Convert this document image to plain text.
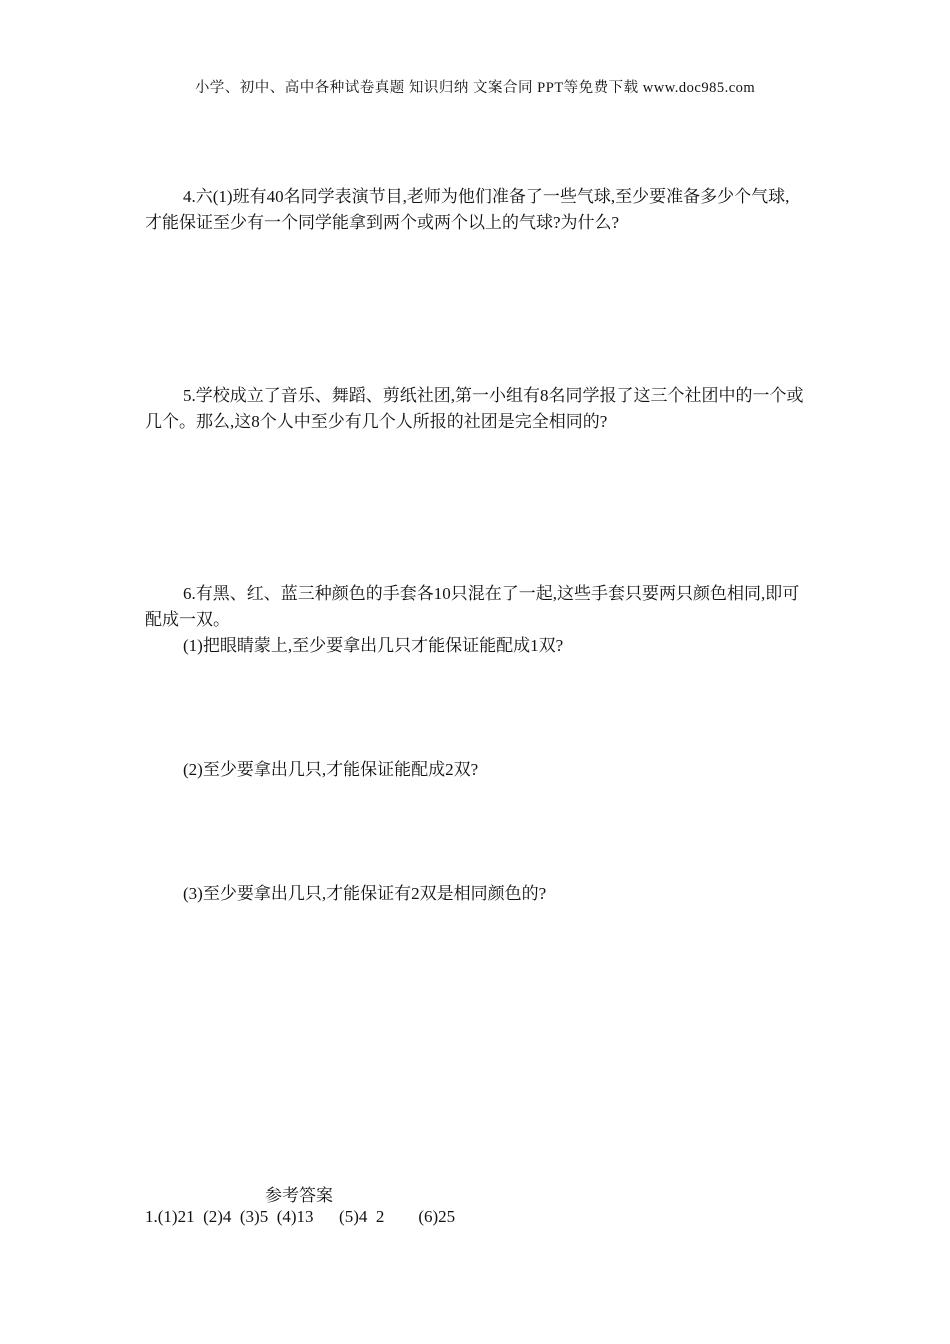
小学、初中、高中各种试卷真题 知识归纳 文案合同 PPT等免费下载 www.doc985.com
4.六(1)班有40名同学表演节目,老师为他们准备了一些气球,至少要准备多少个气球,才能保证至少有一个同学能拿到两个或两个以上的气球?为什么?
5.学校成立了音乐、舞蹈、剪纸社团,第一小组有8名同学报了这三个社团中的一个或几个。那么,这8个人中至少有几个人所报的社团是完全相同的?
6.有黑、红、蓝三种颜色的手套各10只混在了一起,这些手套只要两只颜色相同,即可配成一双。
(1)把眼睛蒙上,至少要拿出几只才能保证能配成1双?
(2)至少要拿出几只,才能保证能配成2双?
(3)至少要拿出几只,才能保证有2双是相同颜色的?
参考答案
1.(1)21  (2)4  (3)5  (4)13      (5)4  2        (6)25
